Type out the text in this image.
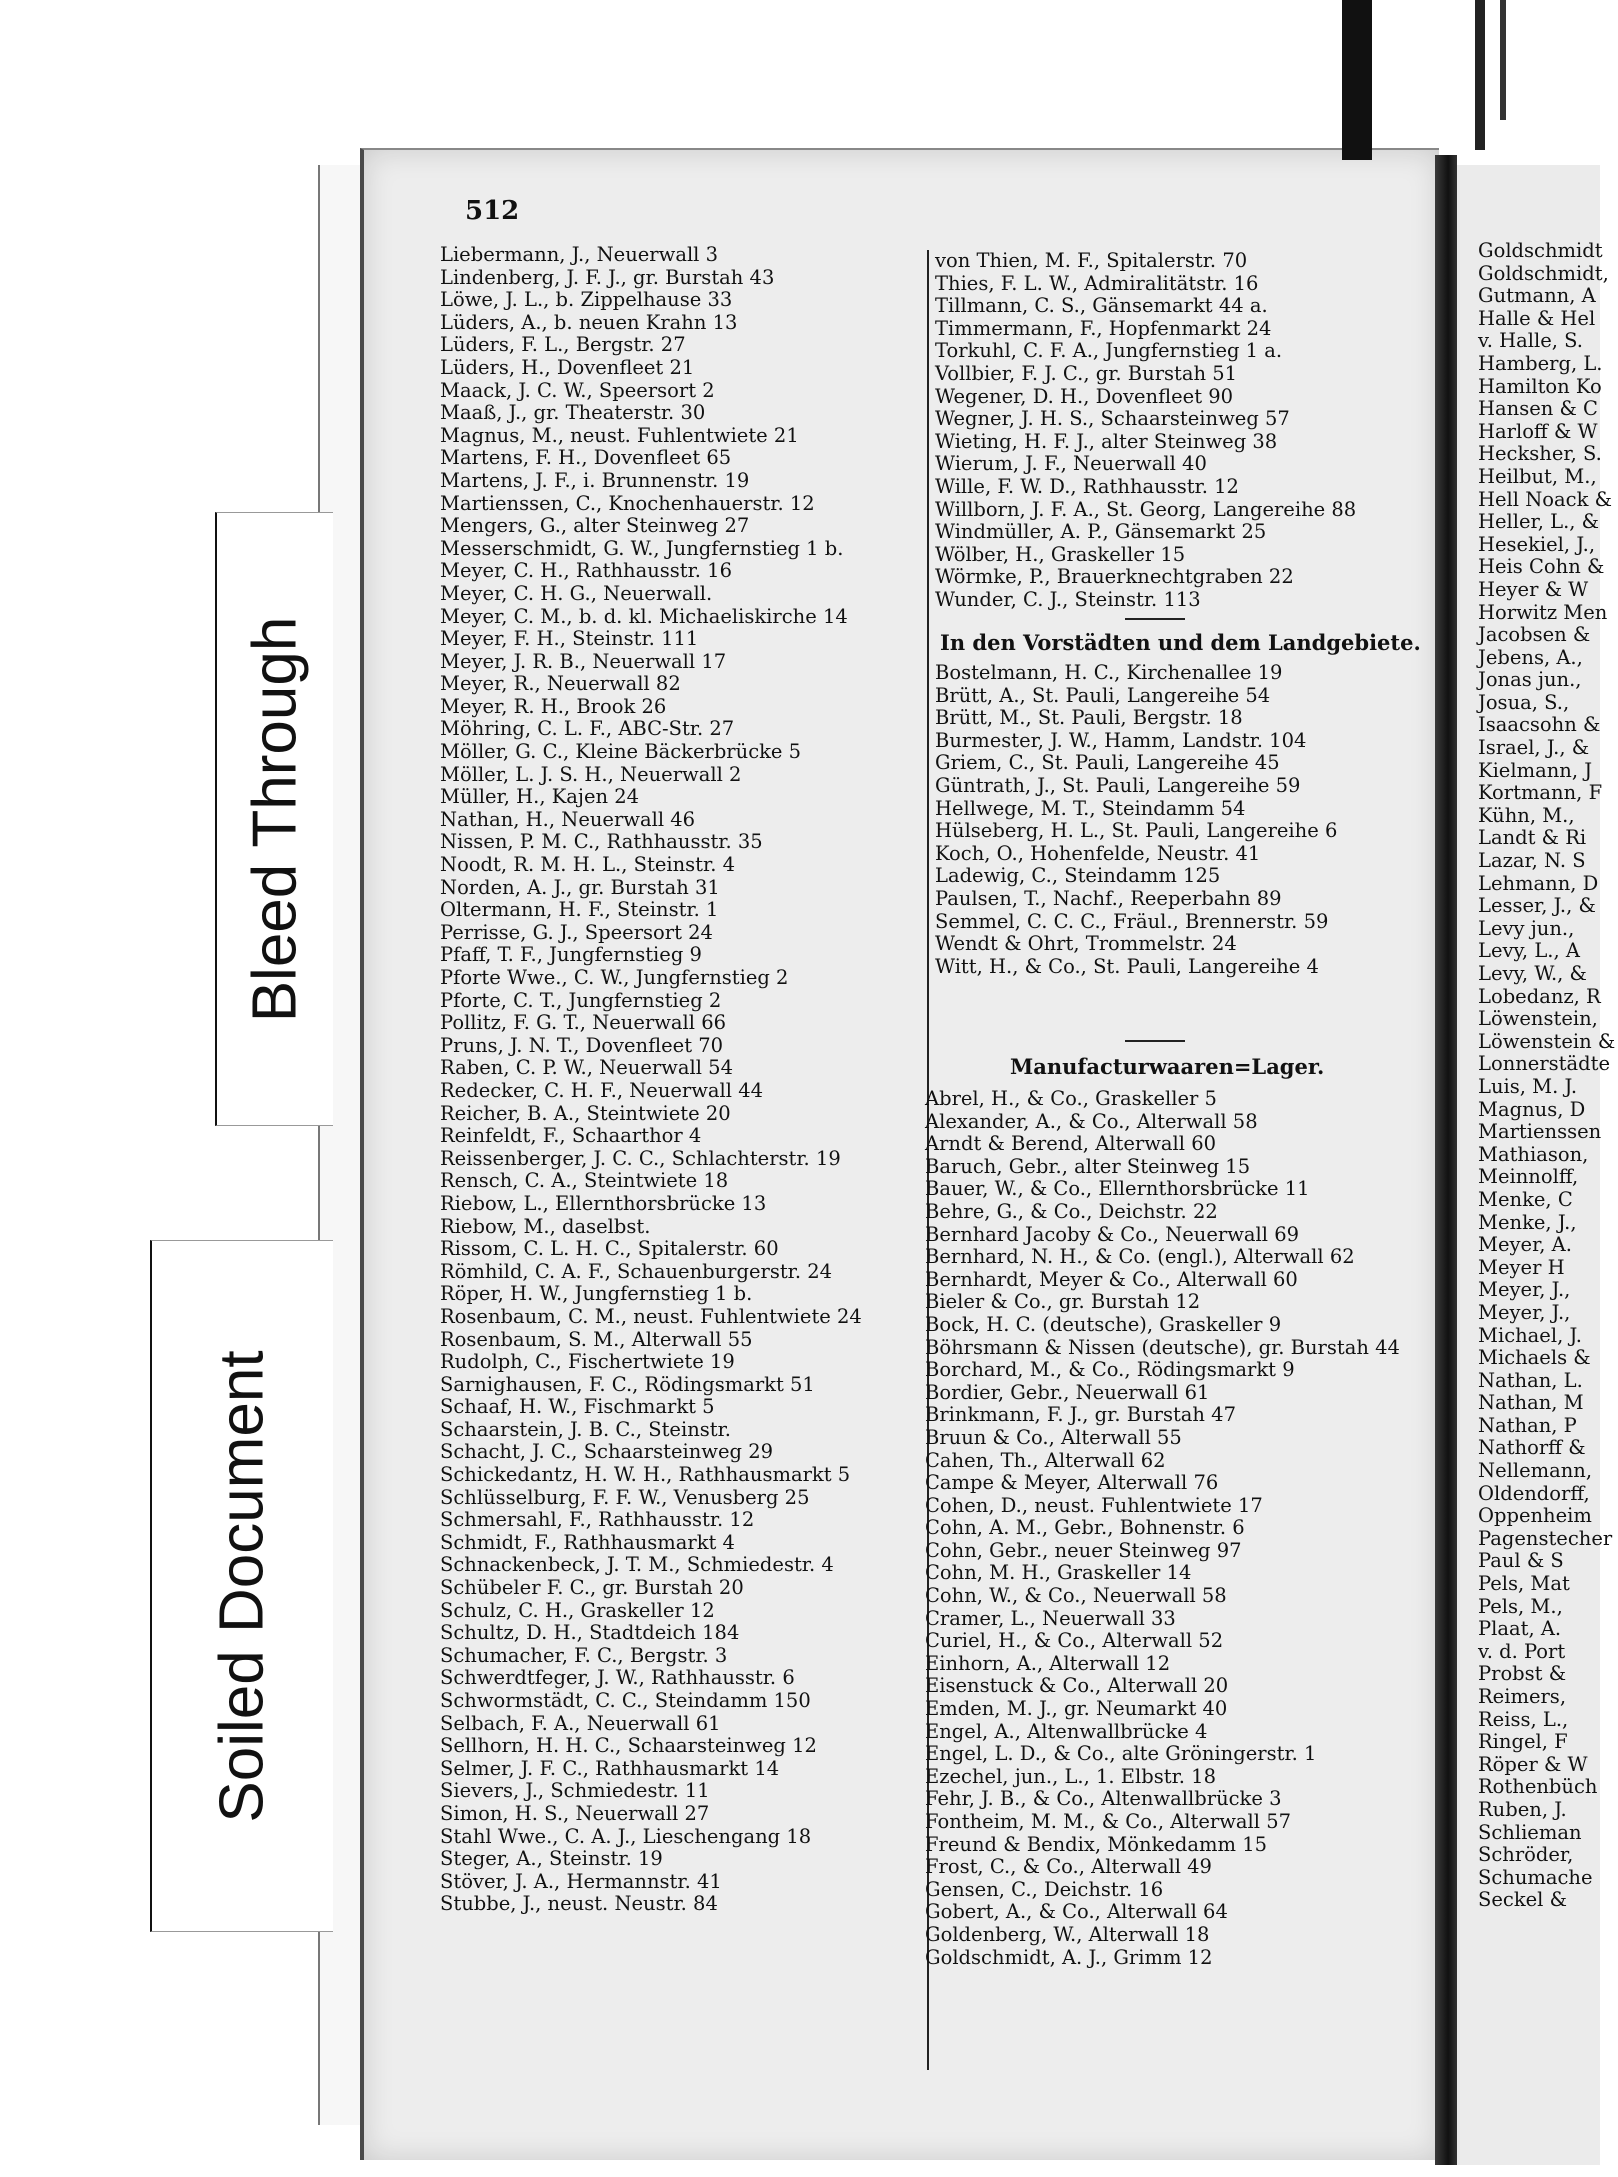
Bleed Through
Soiled Document
512
Liebermann, J., Neuerwall 3
Lindenberg, J. F. J., gr. Burstah 43
Löwe, J. L., b. Zippelhause 33
Lüders, A., b. neuen Krahn 13
Lüders, F. L., Bergstr. 27
Lüders, H., Dovenfleet 21
Maack, J. C. W., Speersort 2
Maaß, J., gr. Theaterstr. 30
Magnus, M., neust. Fuhlentwiete 21
Martens, F. H., Dovenfleet 65
Martens, J. F., i. Brunnenstr. 19
Martienssen, C., Knochenhauerstr. 12
Mengers, G., alter Steinweg 27
Messerschmidt, G. W., Jungfernstieg 1 b.
Meyer, C. H., Rathhausstr. 16
Meyer, C. H. G., Neuerwall.
Meyer, C. M., b. d. kl. Michaeliskirche 14
Meyer, F. H., Steinstr. 111
Meyer, J. R. B., Neuerwall 17
Meyer, R., Neuerwall 82
Meyer, R. H., Brook 26
Möhring, C. L. F., ABC-Str. 27
Möller, G. C., Kleine Bäckerbrücke 5
Möller, L. J. S. H., Neuerwall 2
Müller, H., Kajen 24
Nathan, H., Neuerwall 46
Nissen, P. M. C., Rathhausstr. 35
Noodt, R. M. H. L., Steinstr. 4
Norden, A. J., gr. Burstah 31
Oltermann, H. F., Steinstr. 1
Perrisse, G. J., Speersort 24
Pfaff, T. F., Jungfernstieg 9
Pforte Wwe., C. W., Jungfernstieg 2
Pforte, C. T., Jungfernstieg 2
Pollitz, F. G. T., Neuerwall 66
Pruns, J. N. T., Dovenfleet 70
Raben, C. P. W., Neuerwall 54
Redecker, C. H. F., Neuerwall 44
Reicher, B. A., Steintwiete 20
Reinfeldt, F., Schaarthor 4
Reissenberger, J. C. C., Schlachterstr. 19
Rensch, C. A., Steintwiete 18
Riebow, L., Ellernthorsbrücke 13
Riebow, M., daselbst.
Rissom, C. L. H. C., Spitalerstr. 60
Römhild, C. A. F., Schauenburgerstr. 24
Röper, H. W., Jungfernstieg 1 b.
Rosenbaum, C. M., neust. Fuhlentwiete 24
Rosenbaum, S. M., Alterwall 55
Rudolph, C., Fischertwiete 19
Sarnighausen, F. C., Rödingsmarkt 51
Schaaf, H. W., Fischmarkt 5
Schaarstein, J. B. C., Steinstr.
Schacht, J. C., Schaarsteinweg 29
Schickedantz, H. W. H., Rathhausmarkt 5
Schlüsselburg, F. F. W., Venusberg 25
Schmersahl, F., Rathhausstr. 12
Schmidt, F., Rathhausmarkt 4
Schnackenbeck, J. T. M., Schmiedestr. 4
Schübeler F. C., gr. Burstah 20
Schulz, C. H., Graskeller 12
Schultz, D. H., Stadtdeich 184
Schumacher, F. C., Bergstr. 3
Schwerdtfeger, J. W., Rathhausstr. 6
Schwormstädt, C. C., Steindamm 150
Selbach, F. A., Neuerwall 61
Sellhorn, H. H. C., Schaarsteinweg 12
Selmer, J. F. C., Rathhausmarkt 14
Sievers, J., Schmiedestr. 11
Simon, H. S., Neuerwall 27
Stahl Wwe., C. A. J., Lieschengang 18
Steger, A., Steinstr. 19
Stöver, J. A., Hermannstr. 41
Stubbe, J., neust. Neustr. 84
von Thien, M. F., Spitalerstr. 70
Thies, F. L. W., Admiralitätstr. 16
Tillmann, C. S., Gänsemarkt 44 a.
Timmermann, F., Hopfenmarkt 24
Torkuhl, C. F. A., Jungfernstieg 1 a.
Vollbier, F. J. C., gr. Burstah 51
Wegener, D. H., Dovenfleet 90
Wegner, J. H. S., Schaarsteinweg 57
Wieting, H. F. J., alter Steinweg 38
Wierum, J. F., Neuerwall 40
Wille, F. W. D., Rathhausstr. 12
Willborn, J. F. A., St. Georg, Langereihe 88
Windmüller, A. P., Gänsemarkt 25
Wölber, H., Graskeller 15
Wörmke, P., Brauerknechtgraben 22
Wunder, C. J., Steinstr. 113
In den Vorstädten und dem Landgebiete.
Bostelmann, H. C., Kirchenallee 19
Brütt, A., St. Pauli, Langereihe 54
Brütt, M., St. Pauli, Bergstr. 18
Burmester, J. W., Hamm, Landstr. 104
Griem, C., St. Pauli, Langereihe 45
Güntrath, J., St. Pauli, Langereihe 59
Hellwege, M. T., Steindamm 54
Hülseberg, H. L., St. Pauli, Langereihe 6
Koch, O., Hohenfelde, Neustr. 41
Ladewig, C., Steindamm 125
Paulsen, T., Nachf., Reeperbahn 89
Semmel, C. C. C., Fräul., Brennerstr. 59
Wendt & Ohrt, Trommelstr. 24
Witt, H., & Co., St. Pauli, Langereihe 4
Manufacturwaaren=Lager.
Abrel, H., & Co., Graskeller 5
Alexander, A., & Co., Alterwall 58
Arndt & Berend, Alterwall 60
Baruch, Gebr., alter Steinweg 15
Bauer, W., & Co., Ellernthorsbrücke 11
Behre, G., & Co., Deichstr. 22
Bernhard Jacoby & Co., Neuerwall 69
Bernhard, N. H., & Co. (engl.), Alterwall 62
Bernhardt, Meyer & Co., Alterwall 60
Bieler & Co., gr. Burstah 12
Bock, H. C. (deutsche), Graskeller 9
Böhrsmann & Nissen (deutsche), gr. Burstah 44
Borchard, M., & Co., Rödingsmarkt 9
Bordier, Gebr., Neuerwall 61
Brinkmann, F. J., gr. Burstah 47
Bruun & Co., Alterwall 55
Cahen, Th., Alterwall 62
Campe & Meyer, Alterwall 76
Cohen, D., neust. Fuhlentwiete 17
Cohn, A. M., Gebr., Bohnenstr. 6
Cohn, Gebr., neuer Steinweg 97
Cohn, M. H., Graskeller 14
Cohn, W., & Co., Neuerwall 58
Cramer, L., Neuerwall 33
Curiel, H., & Co., Alterwall 52
Einhorn, A., Alterwall 12
Eisenstuck & Co., Alterwall 20
Emden, M. J., gr. Neumarkt 40
Engel, A., Altenwallbrücke 4
Engel, L. D., & Co., alte Gröningerstr. 1
Ezechel, jun., L., 1. Elbstr. 18
Fehr, J. B., & Co., Altenwallbrücke 3
Fontheim, M. M., & Co., Alterwall 57
Freund & Bendix, Mönkedamm 15
Frost, C., & Co., Alterwall 49
Gensen, C., Deichstr. 16
Gobert, A., & Co., Alterwall 64
Goldenberg, W., Alterwall 18
Goldschmidt, A. J., Grimm 12
Goldschmidt
Goldschmidt,
Gutmann, A
Halle & Hel
v. Halle, S.
Hamberg, L.
Hamilton Ko
Hansen & C
Harloff & W
Hecksher, S.
Heilbut, M.,
Hell Noack &
Heller, L., &
Hesekiel, J.,
Heis Cohn &
Heyer & W
Horwitz Men
Jacobsen &
Jebens, A.,
Jonas jun.,
Josua, S.,
Isaacsohn &
Israel, J., &
Kielmann, J
Kortmann, F
Kühn, M.,
Landt & Ri
Lazar, N. S
Lehmann, D
Lesser, J., &
Levy jun.,
Levy, L., A
Levy, W., &
Lobedanz, R
Löwenstein,
Löwenstein &
Lonnerstädte
Luis, M. J.
Magnus, D
Martienssen
Mathiason,
Meinnolff,
Menke, C
Menke, J.,
Meyer, A.
Meyer H
Meyer, J.,
Meyer, J.,
Michael, J.
Michaels &
Nathan, L.
Nathan, M
Nathan, P
Nathorff &
Nellemann,
Oldendorff,
Oppenheim
Pagenstecher
Paul & S
Pels, Mat
Pels, M.,
Plaat, A.
v. d. Port
Probst &
Reimers,
Reiss, L.,
Ringel, F
Röper & W
Rothenbüch
Ruben, J.
Schlieman
Schröder,
Schumache
Seckel &
